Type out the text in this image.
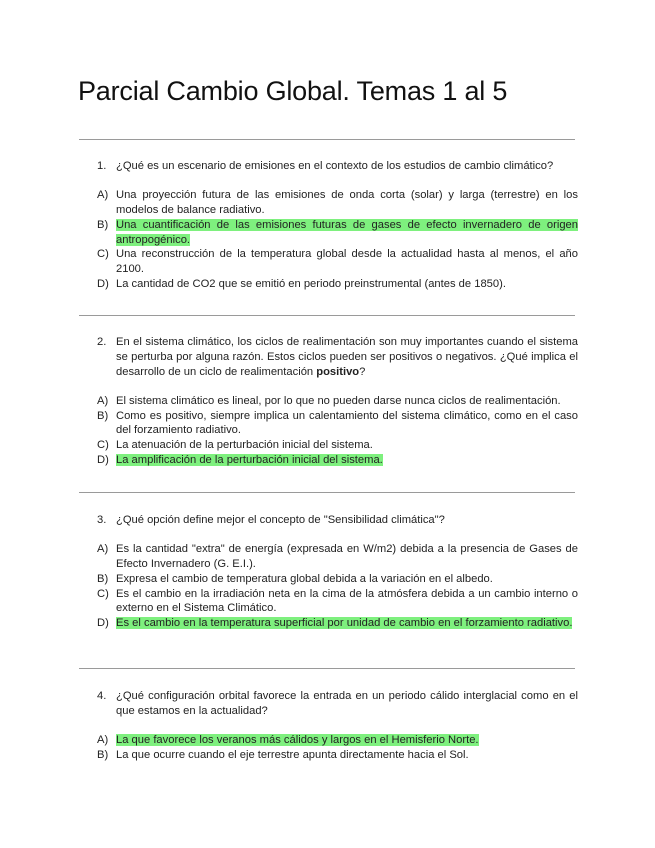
Parcial Cambio Global. Temas 1 al 5
1. ¿Qué es un escenario de emisiones en el contexto de los estudios de cambio climático?
A) Una proyección futura de las emisiones de onda corta (solar) y larga (terrestre) en los modelos de balance radiativo.
B) Una cuantificación de las emisiones futuras de gases de efecto invernadero de origen antropogénico.
C) Una reconstrucción de la temperatura global desde la actualidad hasta al menos, el año 2100.
D) La cantidad de CO2 que se emitió en periodo preinstrumental (antes de 1850).
2. En el sistema climático, los ciclos de realimentación son muy importantes cuando el sistema se perturba por alguna razón. Estos ciclos pueden ser positivos o negativos. ¿Qué implica el desarrollo de un ciclo de realimentación positivo?
A) El sistema climático es lineal, por lo que no pueden darse nunca ciclos de realimentación.
B) Como es positivo, siempre implica un calentamiento del sistema climático, como en el caso del forzamiento radiativo.
C) La atenuación de la perturbación inicial del sistema.
D) La amplificación de la perturbación inicial del sistema.
3. ¿Qué opción define mejor el concepto de "Sensibilidad climática"?
A) Es la cantidad "extra" de energía (expresada en W/m2) debida a la presencia de Gases de Efecto Invernadero (G. E.I.).
B) Expresa el cambio de temperatura global debida a la variación en el albedo.
C) Es el cambio en la irradiación neta en la cima de la atmósfera debida a un cambio interno o externo en el Sistema Climático.
D) Es el cambio en la temperatura superficial por unidad de cambio en el forzamiento radiativo.
4. ¿Qué configuración orbital favorece la entrada en un periodo cálido interglacial como en el que estamos en la actualidad?
A) La que favorece los veranos más cálidos y largos en el Hemisferio Norte.
B) La que ocurre cuando el eje terrestre apunta directamente hacia el Sol.
